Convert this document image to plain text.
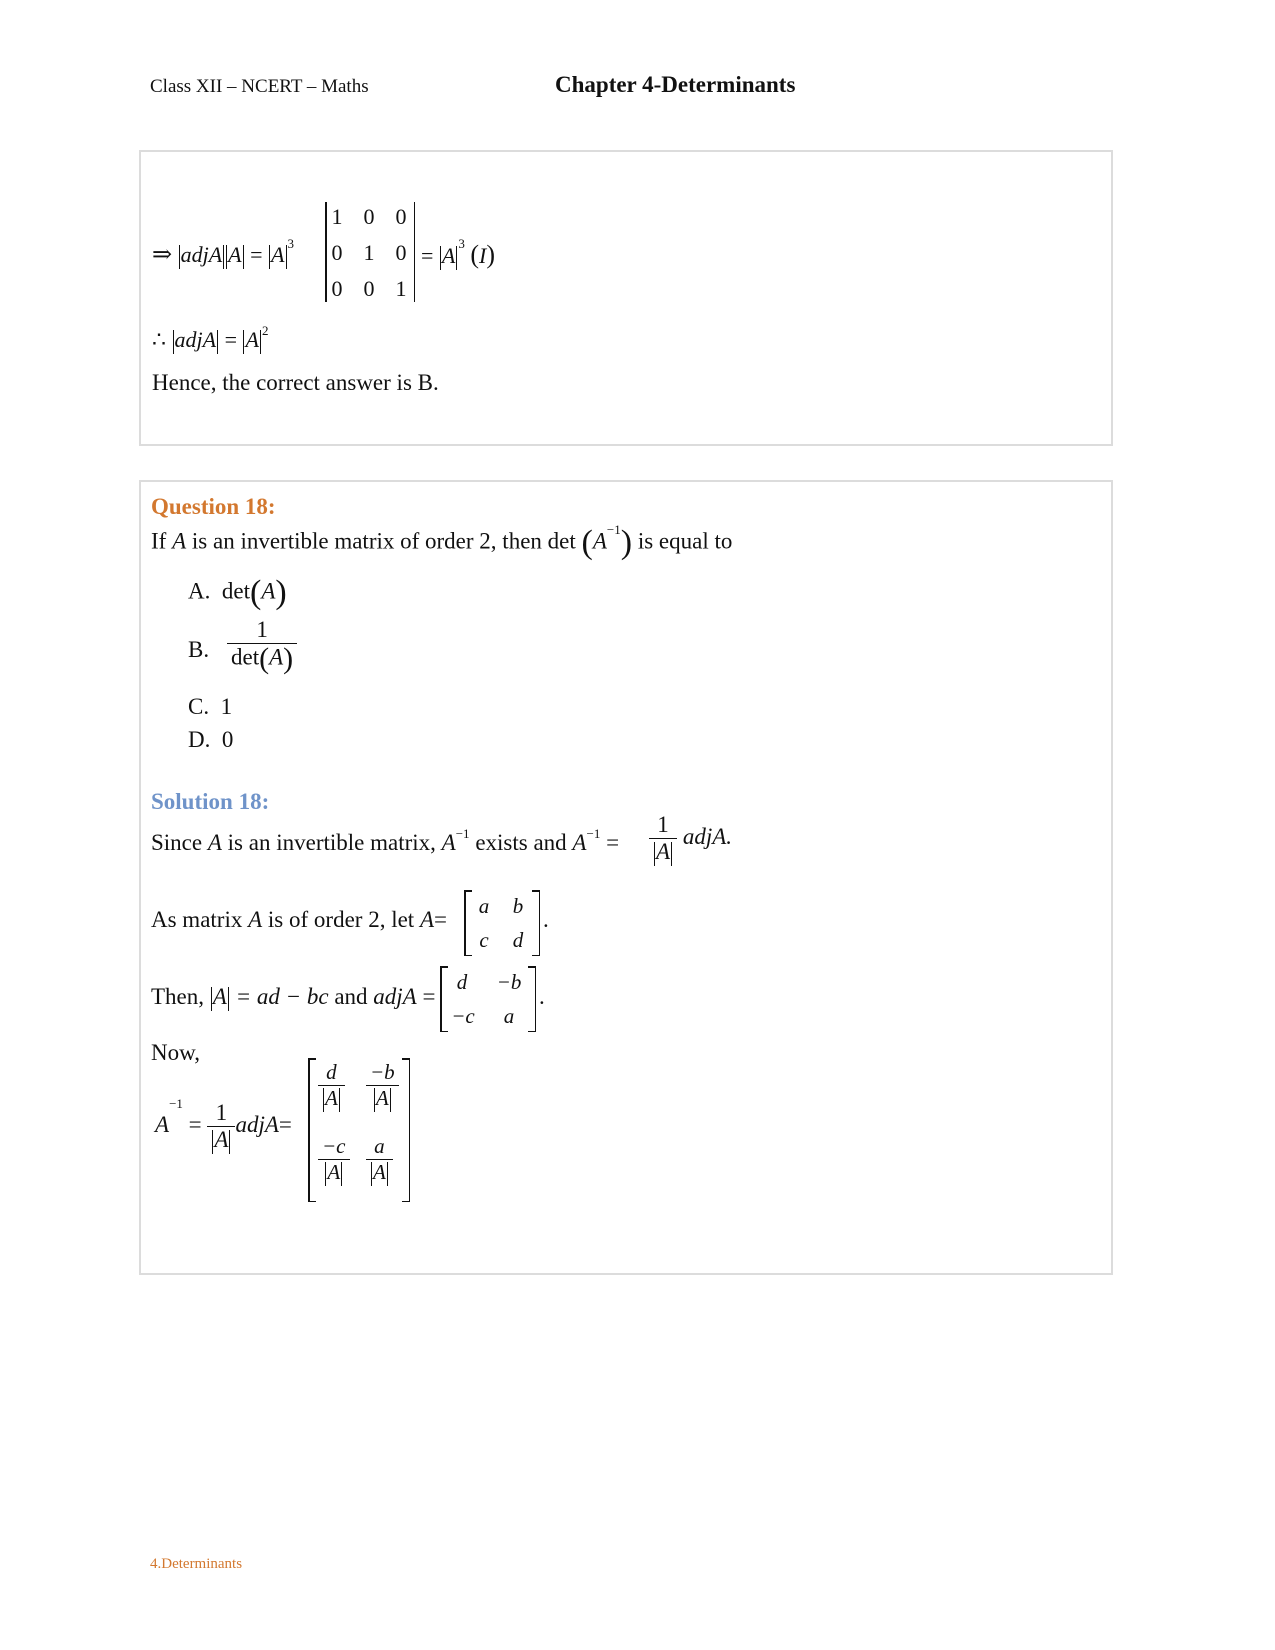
Class XII – NCERT – Maths	Chapter 4-Determinants
⇒ adjA A = A $^3$
1 0 0
0 1 0
0 0 1
= A $^3$ (I)
∴ adjA = A $^2$
Hence, the correct answer is B.
Question 18:
If A is an invertible matrix of order 2, then $\det (A^{-1})$ is equal to
A. det(A)
B. $\frac{1}{\det(A)}$
C. 1
D. 0
Solution 18:
Since A is an invertible matrix, $A^{-1}$ exists and $A^{-1} = \frac{1}{A}$ adjA.
As matrix A is of order 2, let A=
a b
c d
.
Then, A = ad − bc and adjA =
d	−b
−c	a
.
Now,
$A^{-1} = \frac{1}{A}$ adjA=
$\frac{d}{A} \frac{-b}{A}$
$\frac{-c}{A} \frac{a}{A}$
4.Determinants
